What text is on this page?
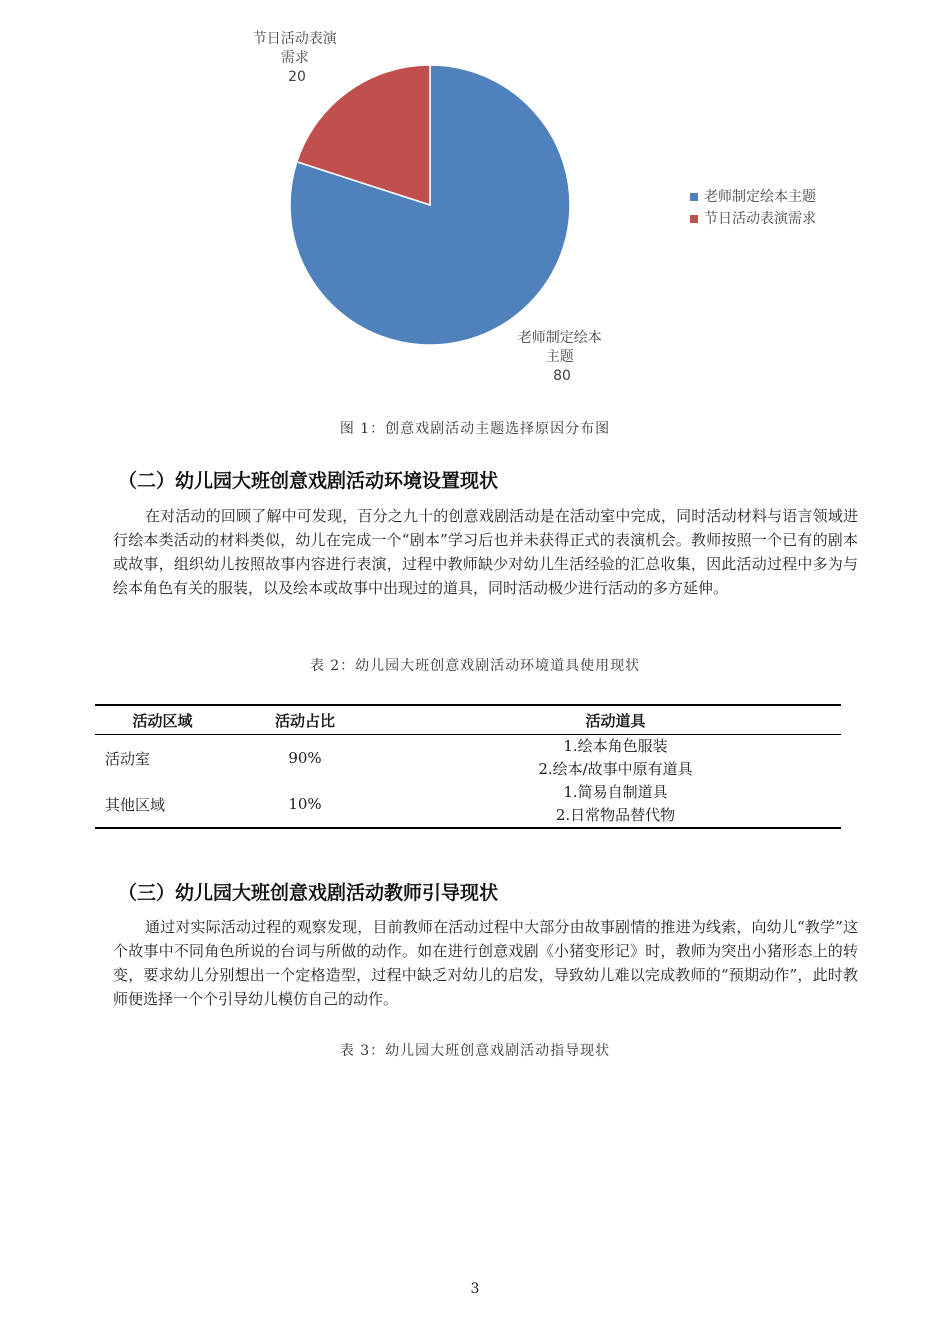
老师制定绘本 主题 80
节日活动表演 需求 20
老师制定绘本主题
节日活动表演需求
图 1：创意戏剧活动主题选择原因分布图
（二）幼儿园大班创意戏剧活动环境设置现状
在对活动的回顾了解中可发现，百分之九十的创意戏剧活动是在活动室中完成，同时活动材料与语言领域进行绘本类活动的材料类似，幼儿在完成一个“剧本”学习后也并未获得正式的表演机会。教师按照一个已有的剧本或故事，组织幼儿按照故事内容进行表演，过程中教师缺少对幼儿生活经验的汇总收集，因此活动过程中多为与绘本角色有关的服装，以及绘本或故事中出现过的道具，同时活动极少进行活动的多方延伸。
表 2：幼儿园大班创意戏剧活动环境道具使用现状
活动区域	活动占比	活动道具
活动室	90%	1.绘本角色服装
2.绘本/故事中原有道具

其他区域	10%	1.简易自制道具
2.日常物品替代物
（三）幼儿园大班创意戏剧活动教师引导现状
通过对实际活动过程的观察发现，目前教师在活动过程中大部分由故事剧情的推进为线索，向幼儿“教学”这个故事中不同角色所说的台词与所做的动作。如在进行创意戏剧《小猪变形记》时，教师为突出小猪形态上的转变，要求幼儿分别想出一个定格造型，过程中缺乏对幼儿的启发，导致幼儿难以完成教师的“预期动作”，此时教师便选择一个个引导幼儿模仿自己的动作。
表 3：幼儿园大班创意戏剧活动指导现状
3
